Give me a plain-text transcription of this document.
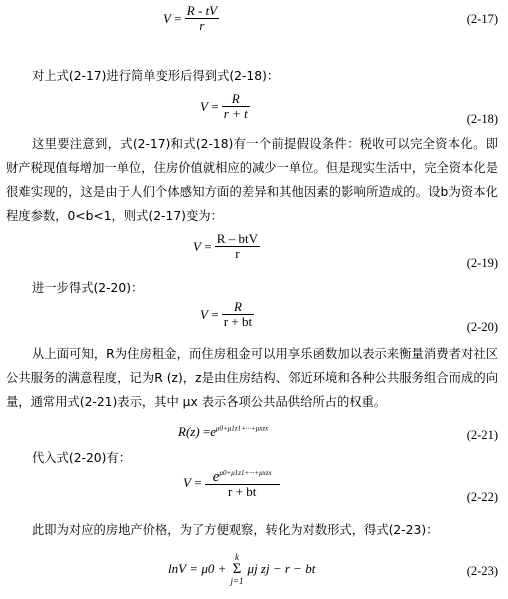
$V = \frac{R - tV}{r}$	(2-17)
对上式(2-17)进行简单变形后得到式(2-18)：
$V = \frac{R}{r + t}$	(2-18)
这里要注意到，式(2-17)和式(2-18)有一个前提假设条件：税收可以完全资本化。即财产税现值每增加一单位，住房价值就相应的减少一单位。但是现实生活中，完全资本化是很难实现的，这是由于人们个体感知方面的差异和其他因素的影响所造成的。设b为资本化程度参数，0<b<1，则式(2-17)变为：
$V = \frac{\text{R – btV}}{r}$
(2-19)
进一步得式(2-20)：
$V = \frac{R}{r + bt}$	(2-20)
从上面可知，R为住房租金，而住房租金可以用享乐函数加以表示来衡量消费者对社区公共服务的满意程度，记为R (z)，z是由住房结构、邻近环境和各种公共服务组合而成的向量，通常用式(2-21)表示，其中 μx 表示各项公共品供给所占的权重。
$R(z) =e^{\mu 0+\mu 1z1+\cdot\cdot\cdot+\mu xzx}$	(2-21)
代入式(2-20)有：
$V = \frac{e^{\mu 0+\mu 1z1+\cdot\cdot\cdot+\mu xzx}}{r + bt}$	(2-22)
此即为对应的房地产价格，为了方便观察，转化为对数形式，得式(2-23)：
lnV = μ0 +
k
Σ
j=1
μj zj − r − bt	(2-23)
